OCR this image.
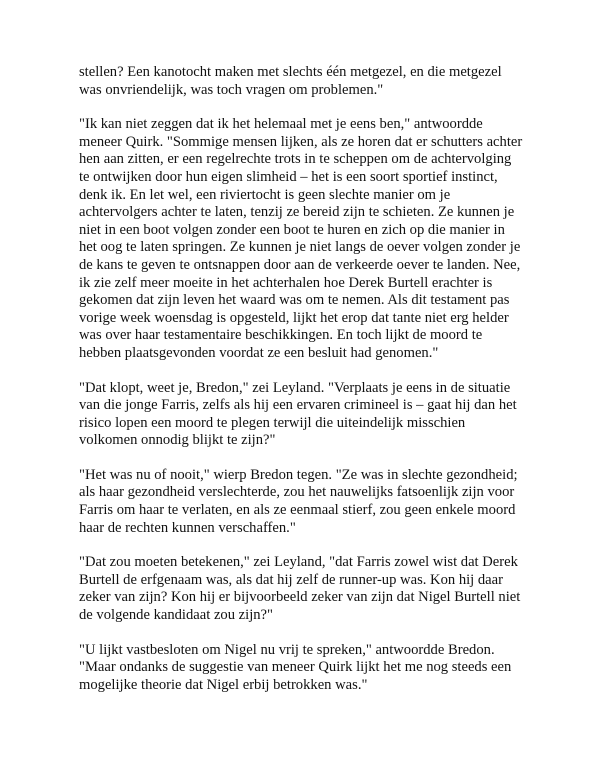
stellen? Een kanotocht maken met slechts één metgezel, en die metgezel
was onvriendelijk, was toch vragen om problemen."

"Ik kan niet zeggen dat ik het helemaal met je eens ben," antwoordde
meneer Quirk. "Sommige mensen lijken, als ze horen dat er schutters achter
hen aan zitten, er een regelrechte trots in te scheppen om de achtervolging
te ontwijken door hun eigen slimheid – het is een soort sportief instinct,
denk ik. En let wel, een riviertocht is geen slechte manier om je
achtervolgers achter te laten, tenzij ze bereid zijn te schieten. Ze kunnen je
niet in een boot volgen zonder een boot te huren en zich op die manier in
het oog te laten springen. Ze kunnen je niet langs de oever volgen zonder je
de kans te geven te ontsnappen door aan de verkeerde oever te landen. Nee,
ik zie zelf meer moeite in het achterhalen hoe Derek Burtell erachter is
gekomen dat zijn leven het waard was om te nemen. Als dit testament pas
vorige week woensdag is opgesteld, lijkt het erop dat tante niet erg helder
was over haar testamentaire beschikkingen. En toch lijkt de moord te
hebben plaatsgevonden voordat ze een besluit had genomen."

"Dat klopt, weet je, Bredon," zei Leyland. "Verplaats je eens in de situatie
van die jonge Farris, zelfs als hij een ervaren crimineel is – gaat hij dan het
risico lopen een moord te plegen terwijl die uiteindelijk misschien
volkomen onnodig blijkt te zijn?"

"Het was nu of nooit," wierp Bredon tegen. "Ze was in slechte gezondheid;
als haar gezondheid verslechterde, zou het nauwelijks fatsoenlijk zijn voor
Farris om haar te verlaten, en als ze eenmaal stierf, zou geen enkele moord
haar de rechten kunnen verschaffen."

"Dat zou moeten betekenen," zei Leyland, "dat Farris zowel wist dat Derek
Burtell de erfgenaam was, als dat hij zelf de runner-up was. Kon hij daar
zeker van zijn? Kon hij er bijvoorbeeld zeker van zijn dat Nigel Burtell niet
de volgende kandidaat zou zijn?"

"U lijkt vastbesloten om Nigel nu vrij te spreken," antwoordde Bredon.
"Maar ondanks de suggestie van meneer Quirk lijkt het me nog steeds een
mogelijke theorie dat Nigel erbij betrokken was."
